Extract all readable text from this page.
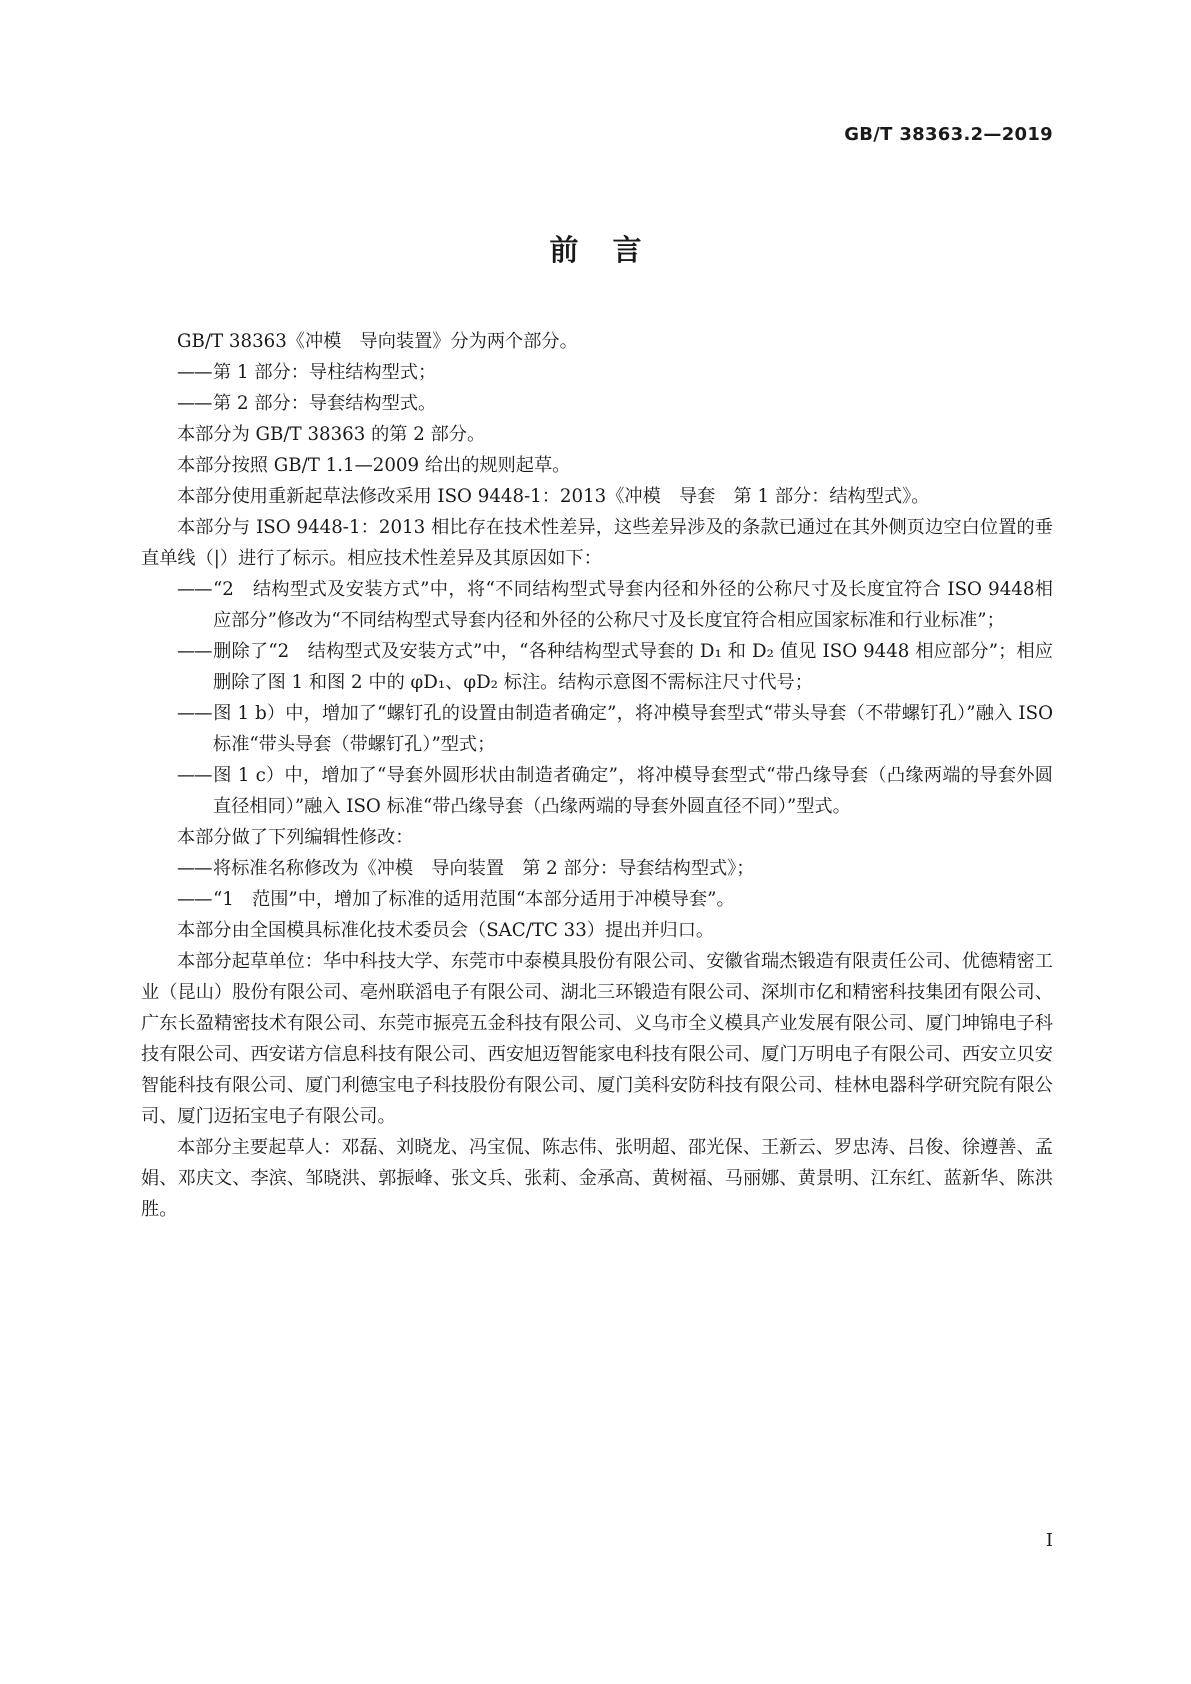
GB/T 38363.2—2019
前言

GB/T 38363《冲模　导向装置》分为两个部分。

——第 1 部分：导柱结构型式；

——第 2 部分：导套结构型式。

本部分为 GB/T 38363 的第 2 部分。

本部分按照 GB/T 1.1—2009 给出的规则起草。

本部分使用重新起草法修改采用 ISO 9448-1：2013《冲模　导套　第 1 部分：结构型式》。

本部分与 ISO 9448-1：2013 相比存在技术性差异，这些差异涉及的条款已通过在其外侧页边空白位置的垂直单线（|）进行了标示。相应技术性差异及其原因如下：

——“2　结构型式及安装方式”中，将“不同结构型式导套内径和外径的公称尺寸及长度宜符合 ISO 9448相应部分”修改为“不同结构型式导套内径和外径的公称尺寸及长度宜符合相应国家标准和行业标准”；

——删除了“2　结构型式及安装方式”中，“各种结构型式导套的 D₁ 和 D₂ 值见 ISO 9448 相应部分”；相应删除了图 1 和图 2 中的 φD₁、φD₂ 标注。结构示意图不需标注尺寸代号；

——图 1 b）中，增加了“螺钉孔的设置由制造者确定”，将冲模导套型式“带头导套（不带螺钉孔）”融入 ISO 标准“带头导套（带螺钉孔）”型式；

——图 1 c）中，增加了“导套外圆形状由制造者确定”，将冲模导套型式“带凸缘导套（凸缘两端的导套外圆直径相同）”融入 ISO 标准“带凸缘导套（凸缘两端的导套外圆直径不同）”型式。

本部分做了下列编辑性修改：

——将标准名称修改为《冲模　导向装置　第 2 部分：导套结构型式》；

——“1　范围”中，增加了标准的适用范围“本部分适用于冲模导套”。

本部分由全国模具标准化技术委员会（SAC/TC 33）提出并归口。

本部分起草单位：华中科技大学、东莞市中泰模具股份有限公司、安徽省瑞杰锻造有限责任公司、优德精密工业（昆山）股份有限公司、亳州联滔电子有限公司、湖北三环锻造有限公司、深圳市亿和精密科技集团有限公司、广东长盈精密技术有限公司、东莞市振亮五金科技有限公司、义乌市全义模具产业发展有限公司、厦门坤锦电子科技有限公司、西安诺方信息科技有限公司、西安旭迈智能家电科技有限公司、厦门万明电子有限公司、西安立贝安智能科技有限公司、厦门利德宝电子科技股份有限公司、厦门美科安防科技有限公司、桂林电器科学研究院有限公司、厦门迈拓宝电子有限公司。

本部分主要起草人：邓磊、刘晓龙、冯宝侃、陈志伟、张明超、邵光保、王新云、罗忠涛、吕俊、徐遵善、孟娟、邓庆文、李滨、邹晓洪、郭振峰、张文兵、张莉、金承高、黄树福、马丽娜、黄景明、江东红、蓝新华、陈洪胜。

I
